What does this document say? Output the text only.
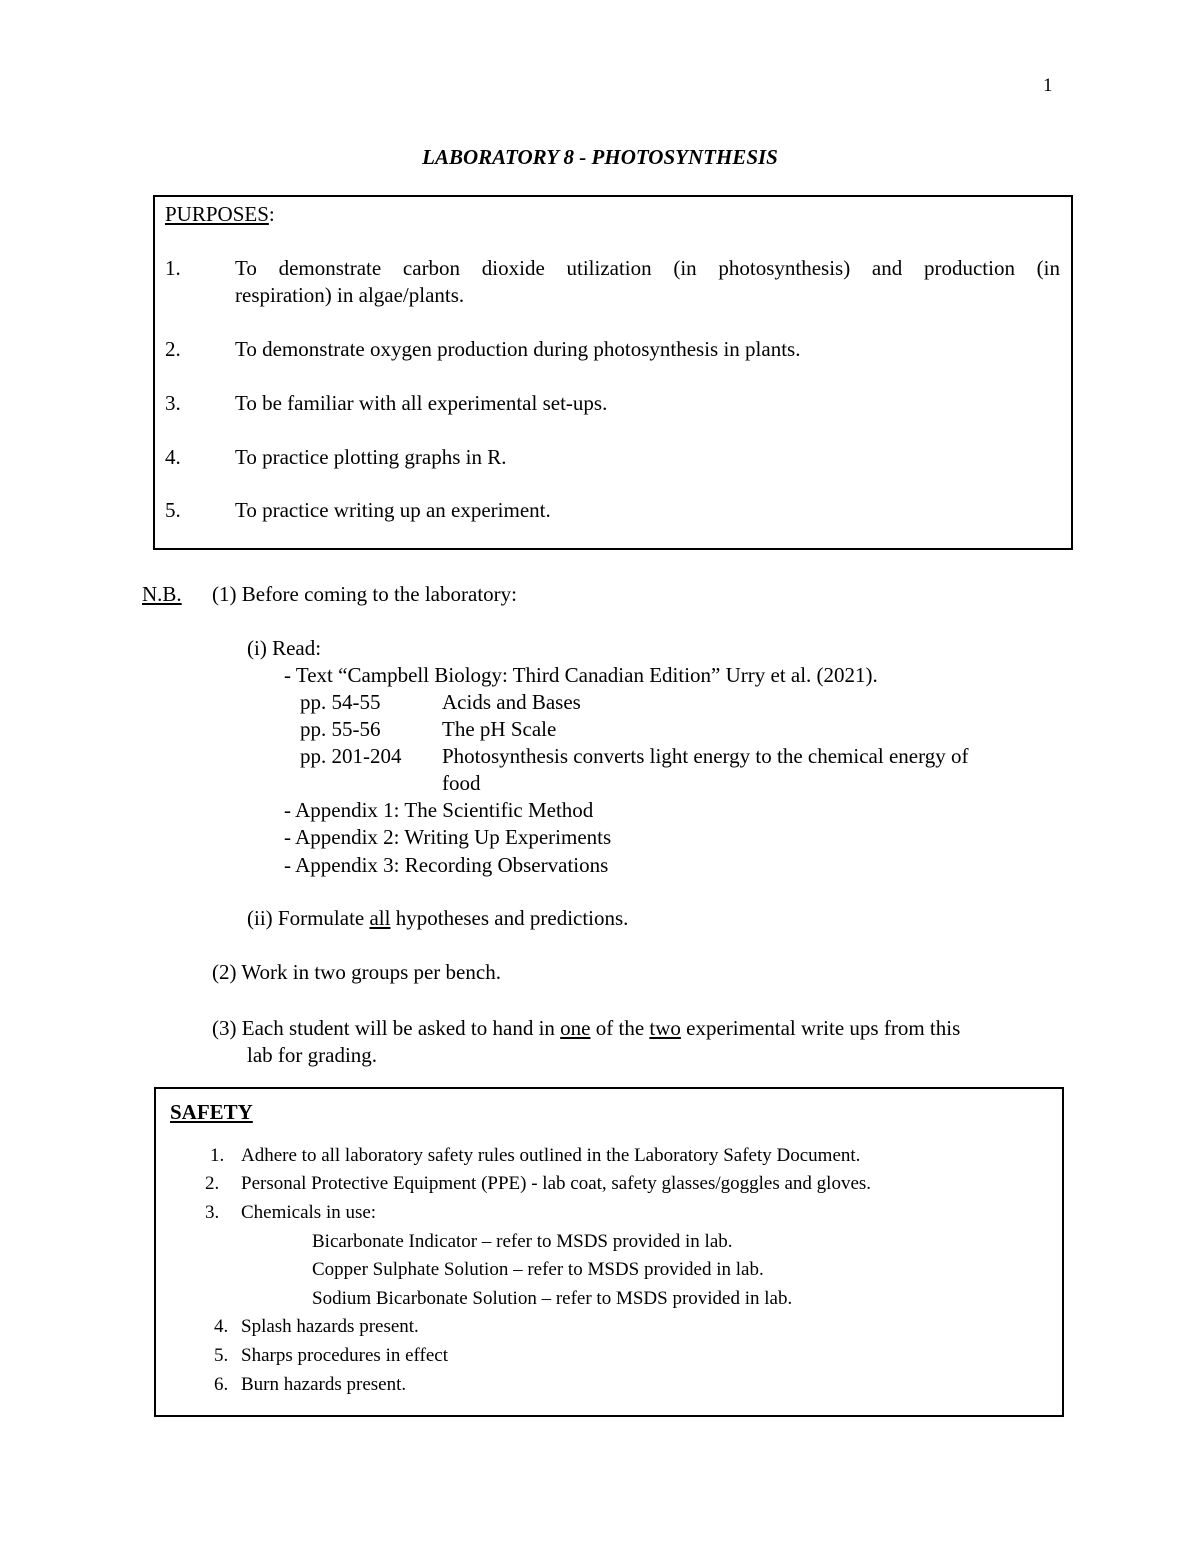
1
LABORATORY 8 - PHOTOSYNTHESIS
PURPOSES:
1.	To demonstrate carbon dioxide utilization (in photosynthesis) and production (in
respiration) in algae/plants.
2.	To demonstrate oxygen production during photosynthesis in plants.
3.	To be familiar with all experimental set-ups.
4.	To practice plotting graphs in R.
5.	To practice writing up an experiment.
N.B. (1) Before coming to the laboratory:
(i) Read:
- Text “Campbell Biology: Third Canadian Edition” Urry et al. (2021).
pp. 54-55	Acids and Bases
pp. 55-56	The pH Scale
pp. 201-204 Photosynthesis converts light energy to the chemical energy of
food
- Appendix 1: The Scientific Method
- Appendix 2: Writing Up Experiments
- Appendix 3: Recording Observations
(ii) Formulate all hypotheses and predictions.
(2) Work in two groups per bench.
(3) Each student will be asked to hand in one of the two experimental write ups from this
lab for grading.
SAFETY
1. Adhere to all laboratory safety rules outlined in the Laboratory Safety Document.
2. Personal Protective Equipment (PPE) - lab coat, safety glasses/goggles and gloves.
3. Chemicals in use:
Bicarbonate Indicator – refer to MSDS provided in lab.
Copper Sulphate Solution – refer to MSDS provided in lab.
Sodium Bicarbonate Solution – refer to MSDS provided in lab.
4. Splash hazards present.
5. Sharps procedures in effect
6. Burn hazards present.
